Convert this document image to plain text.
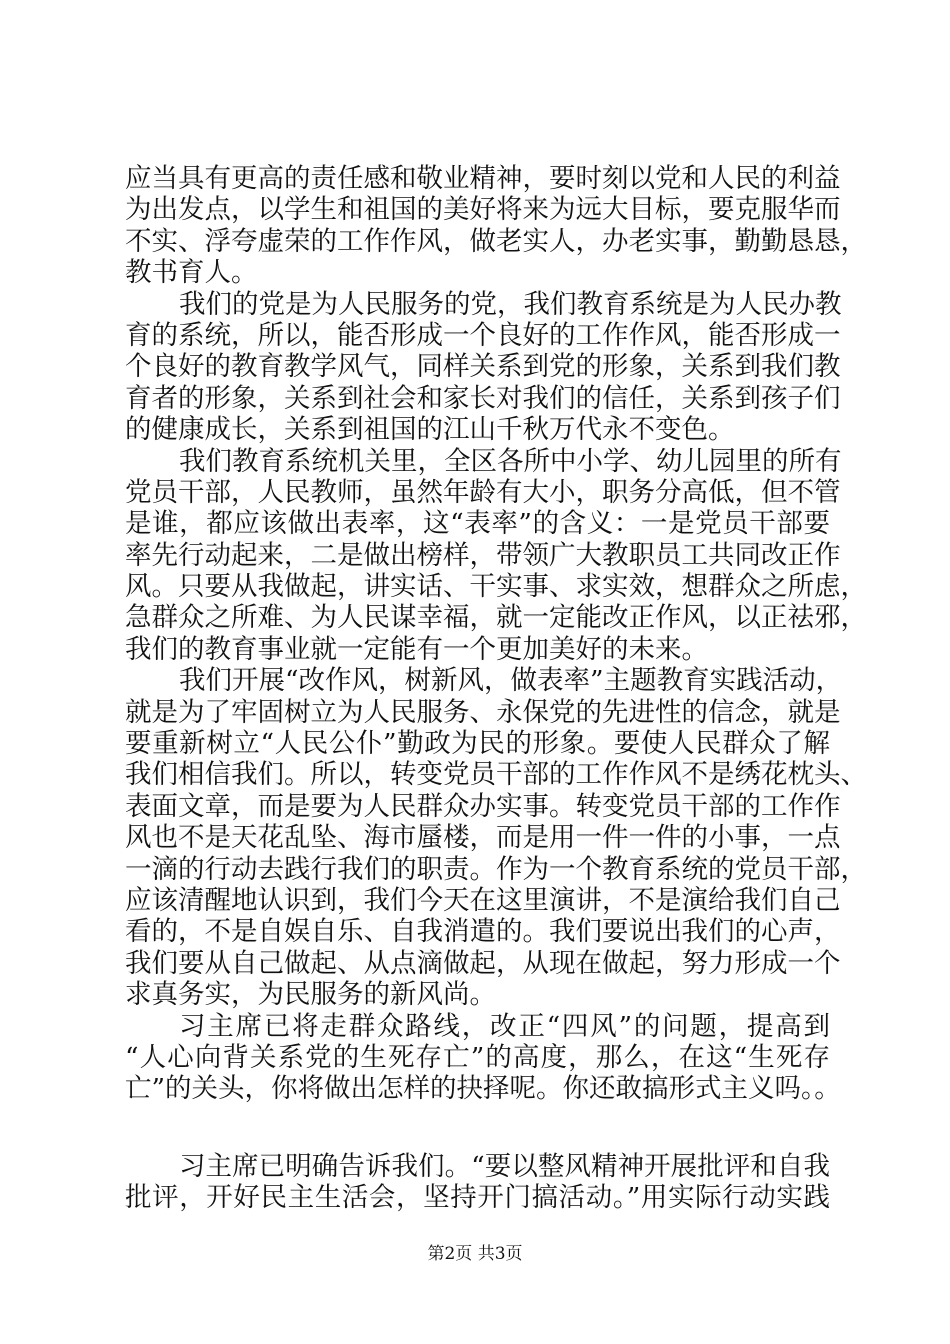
应当具有更高的责任感和敬业精神，要时刻以党和人民的利益
为出发点，以学生和祖国的美好将来为远大目标，要克服华而
不实、浮夸虚荣的工作作风，做老实人，办老实事，勤勤恳恳，
教书育人。
我们的党是为人民服务的党，我们教育系统是为人民办教
育的系统，所以，能否形成一个良好的工作作风，能否形成一
个良好的教育教学风气，同样关系到党的形象，关系到我们教
育者的形象，关系到社会和家长对我们的信任，关系到孩子们
的健康成长，关系到祖国的江山千秋万代永不变色。
我们教育系统机关里，全区各所中小学、幼儿园里的所有
党员干部，人民教师，虽然年龄有大小，职务分高低，但不管
是谁，都应该做出表率，这“表率”的含义：一是党员干部要
率先行动起来，二是做出榜样，带领广大教职员工共同改正作
风。只要从我做起，讲实话、干实事、求实效，想群众之所虑，
急群众之所难、为人民谋幸福，就一定能改正作风，以正祛邪，
我们的教育事业就一定能有一个更加美好的未来。
我们开展“改作风，树新风，做表率”主题教育实践活动，
就是为了牢固树立为人民服务、永保党的先进性的信念，就是
要重新树立“人民公仆”勤政为民的形象。要使人民群众了解
我们相信我们。所以，转变党员干部的工作作风不是绣花枕头、
表面文章，而是要为人民群众办实事。转变党员干部的工作作
风也不是天花乱坠、海市蜃楼，而是用一件一件的小事，一点
一滴的行动去践行我们的职责。作为一个教育系统的党员干部，
应该清醒地认识到，我们今天在这里演讲，不是演给我们自己
看的，不是自娱自乐、自我消遣的。我们要说出我们的心声，
我们要从自己做起、从点滴做起，从现在做起，努力形成一个
求真务实，为民服务的新风尚。
习主席已将走群众路线，改正“四风”的问题，提高到
“人心向背关系党的生死存亡”的高度，那么，在这“生死存
亡”的关头，你将做出怎样的抉择呢。你还敢搞形式主义吗。。
习主席已明确告诉我们。“要以整风精神开展批评和自我
批评，开好民主生活会，坚持开门搞活动。”用实际行动实践
第2页 共3页
